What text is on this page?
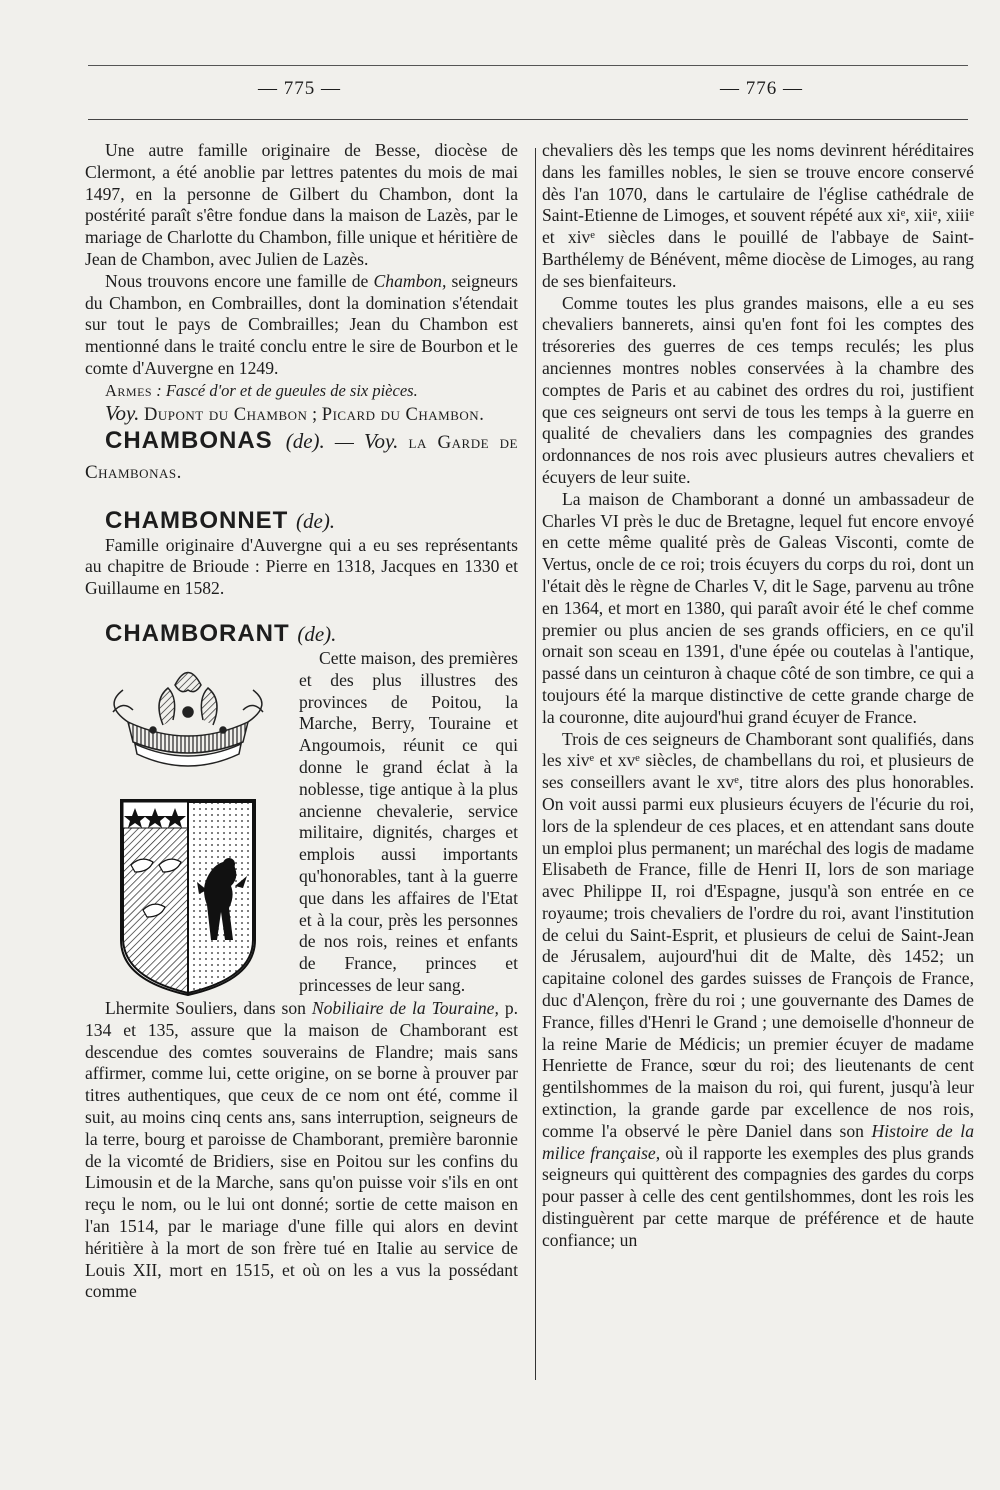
— 775 —	— 776 —

Une autre famille originaire de Besse, diocèse de Clermont, a été anoblie par lettres patentes du mois de mai 1497, en la personne de Gilbert du Chambon, dont la postérité paraît s'être fondue dans la maison de Lazès, par le mariage de Charlotte du Chambon, fille unique et héritière de Jean de Chambon, avec Julien de Lazès.

Nous trouvons encore une famille de Chambon, seigneurs du Chambon, en Combrailles, dont la domination s'étendait sur tout le pays de Combrailles; Jean du Chambon est mentionné dans le traité conclu entre le sire de Bourbon et le comte d'Auvergne en 1249.

Armes : Fascé d'or et de gueules de six pièces.

Voy. Dupont du Chambon ; Picard du Chambon.

CHAMBONAS (de). — Voy. la Garde de Chambonas.

CHAMBONNET (de).

Famille originaire d'Auvergne qui a eu ses représentants au chapitre de Brioude : Pierre en 1318, Jacques en 1330 et Guillaume en 1582.

CHAMBORANT (de).

Cette maison, des premières et des plus illustres des provinces de Poitou, la Marche, Berry, Touraine et Angoumois, réunit ce qui donne le grand éclat à la noblesse, tige antique à la plus ancienne chevalerie, service militaire, dignités, charges et emplois aussi importants qu'honorables, tant à la guerre que dans les affaires de l'Etat et à la cour, près les personnes de nos rois, reines et enfants de France, princes et princesses de leur sang.

Lhermite Souliers, dans son Nobiliaire de la Touraine, p. 134 et 135, assure que la maison de Chamborant est descendue des comtes souverains de Flandre; mais sans affirmer, comme lui, cette origine, on se borne à prouver par titres authentiques, que ceux de ce nom ont été, comme il suit, au moins cinq cents ans, sans interruption, seigneurs de la terre, bourg et paroisse de Chamborant, première baronnie de la vicomté de Bridiers, sise en Poitou sur les confins du Limousin et de la Marche, sans qu'on puisse voir s'ils en ont reçu le nom, ou le lui ont donné; sortie de cette maison en l'an 1514, par le mariage d'une fille qui alors en devint héritière à la mort de son frère tué en Italie au service de Louis XII, mort en 1515, et où on les a vus la possédant comme

chevaliers dès les temps que les noms devinrent héréditaires dans les familles nobles, le sien se trouve encore conservé dès l'an 1070, dans le cartulaire de l'église cathédrale de Saint-Etienne de Limoges, et souvent répété aux xiᵉ, xiiᵉ, xiiiᵉ et xivᵉ siècles dans le pouillé de l'abbaye de Saint-Barthélemy de Bénévent, même diocèse de Limoges, au rang de ses bienfaiteurs.

Comme toutes les plus grandes maisons, elle a eu ses chevaliers bannerets, ainsi qu'en font foi les comptes des trésoreries des guerres de ces temps reculés; les plus anciennes montres nobles conservées à la chambre des comptes de Paris et au cabinet des ordres du roi, justifient que ces seigneurs ont servi de tous les temps à la guerre en qualité de chevaliers dans les compagnies des grandes ordonnances de nos rois avec plusieurs autres chevaliers et écuyers de leur suite.

La maison de Chamborant a donné un ambassadeur de Charles VI près le duc de Bretagne, lequel fut encore envoyé en cette même qualité près de Galeas Visconti, comte de Vertus, oncle de ce roi; trois écuyers du corps du roi, dont un l'était dès le règne de Charles V, dit le Sage, parvenu au trône en 1364, et mort en 1380, qui paraît avoir été le chef comme premier ou plus ancien de ses grands officiers, en ce qu'il ornait son sceau en 1391, d'une épée ou coutelas à l'antique, passé dans un ceinturon à chaque côté de son timbre, ce qui a toujours été la marque distinctive de cette grande charge de la couronne, dite aujourd'hui grand écuyer de France.

Trois de ces seigneurs de Chamborant sont qualifiés, dans les xivᵉ et xvᵉ siècles, de chambellans du roi, et plusieurs de ses conseillers avant le xvᵉ, titre alors des plus honorables. On voit aussi parmi eux plusieurs écuyers de l'écurie du roi, lors de la splendeur de ces places, et en attendant sans doute un emploi plus permanent; un maréchal des logis de madame Elisabeth de France, fille de Henri II, lors de son mariage avec Philippe II, roi d'Espagne, jusqu'à son entrée en ce royaume; trois chevaliers de l'ordre du roi, avant l'institution de celui du Saint-Esprit, et plusieurs de celui de Saint-Jean de Jérusalem, aujourd'hui dit de Malte, dès 1452; un capitaine colonel des gardes suisses de François de France, duc d'Alençon, frère du roi ; une gouvernante des Dames de France, filles d'Henri le Grand ; une demoiselle d'honneur de la reine Marie de Médicis; un premier écuyer de madame Henriette de France, sœur du roi; des lieutenants de cent gentilshommes de la maison du roi, qui furent, jusqu'à leur extinction, la grande garde par excellence de nos rois, comme l'a observé le père Daniel dans son Histoire de la milice française, où il rapporte les exemples des plus grands seigneurs qui quittèrent des compagnies des gardes du corps pour passer à celle des cent gentilshommes, dont les rois les distinguèrent par cette marque de préférence et de haute confiance; un
